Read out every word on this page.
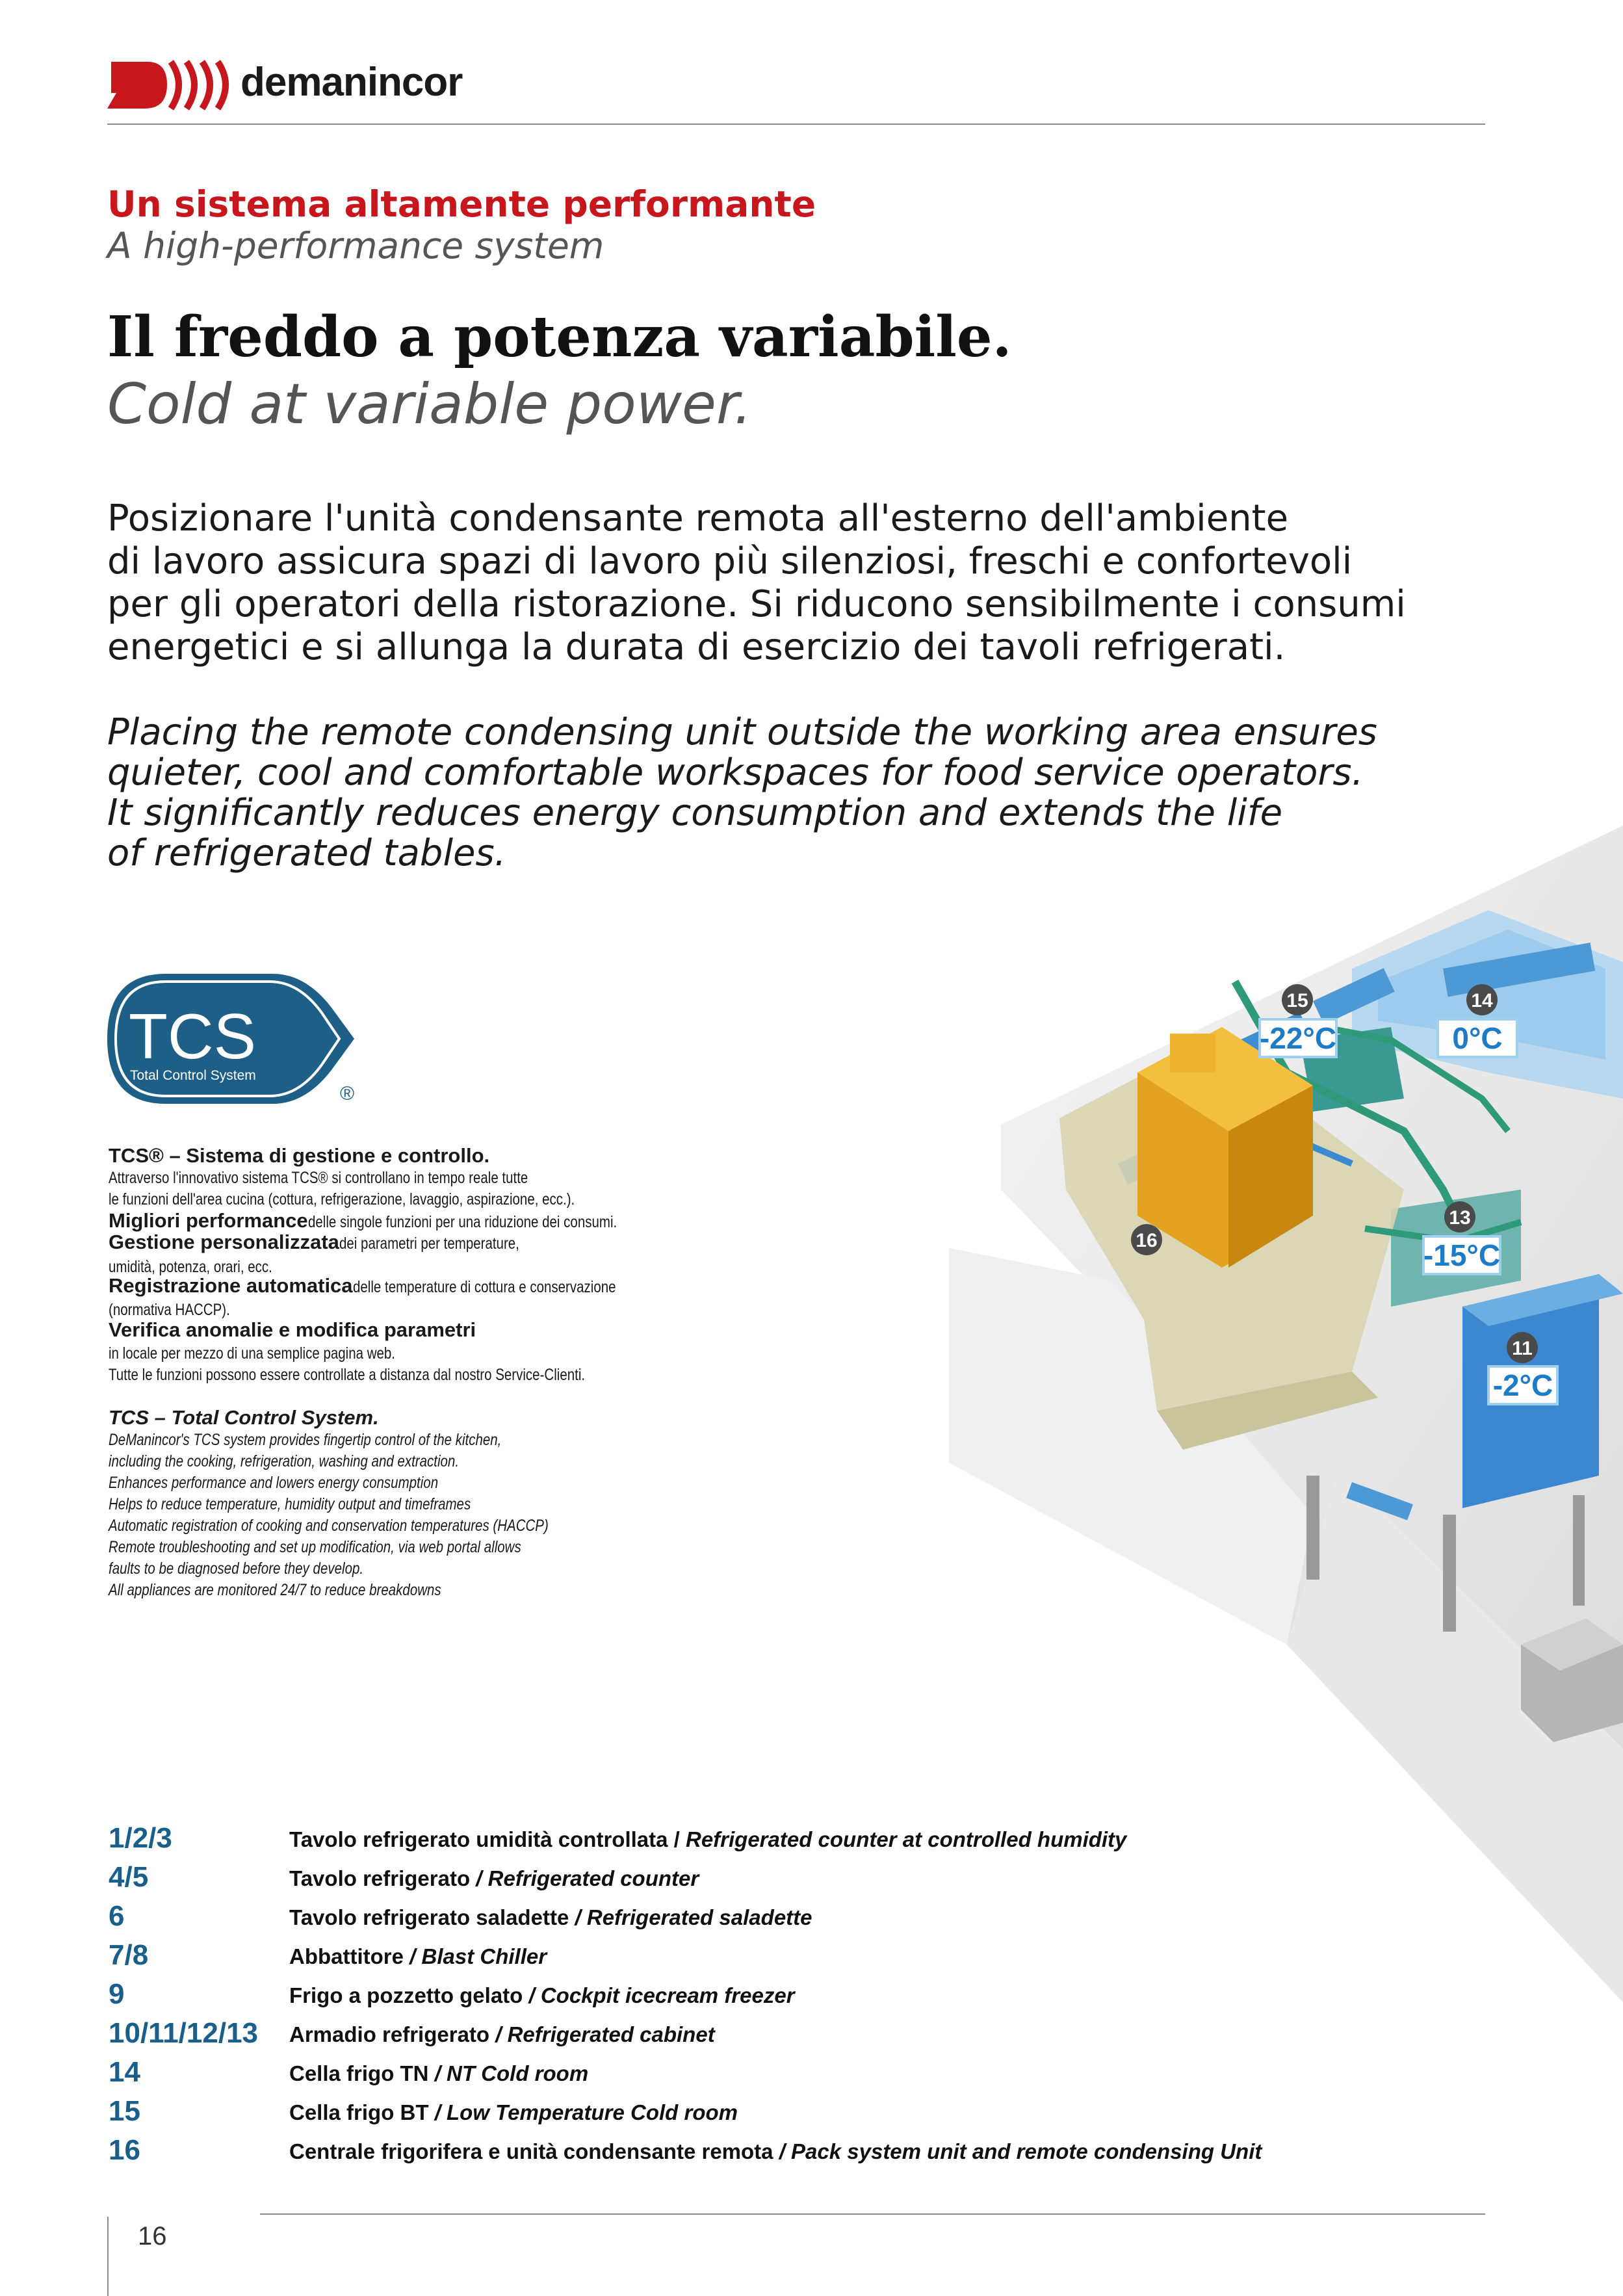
demanincor
Un sistema altamente performante
A high-performance system
Il freddo a potenza variabile.
Cold at variable power.
Posizionare l'unità condensante remota all'esterno dell'ambiente
di lavoro assicura spazi di lavoro più silenziosi, freschi e confortevoli
per gli operatori della ristorazione. Si riducono sensibilmente i consumi
energetici e si allunga la durata di esercizio dei tavoli refrigerati.
Placing the remote condensing unit outside the working area ensures
quieter, cool and comfortable workspaces for food service operators.
It significantly reduces energy consumption and extends the life
of refrigerated tables.
TCS
Total Control System
®
TCS® – Sistema di gestione e controllo.
Attraverso l'innovativo sistema TCS® si controllano in tempo reale tutte
le funzioni dell'area cucina (cottura, refrigerazione, lavaggio, aspirazione, ecc.).
Migliori performancedelle singole funzioni per una riduzione dei consumi.
Gestione personalizzatadei parametri per temperature,
umidità, potenza, orari, ecc.
Registrazione automaticadelle temperature di cottura e conservazione
(normativa HACCP).
Verifica anomalie e modifica parametri
in locale per mezzo di una semplice pagina web.
Tutte le funzioni possono essere controllate a distanza dal nostro Service-Clienti.
TCS – Total Control System.
DeManincor's TCS system provides fingertip control of the kitchen,
including the cooking, refrigeration, washing and extraction.
Enhances performance and lowers energy consumption
Helps to reduce temperature, humidity output and timeframes
Automatic registration of cooking and conservation temperatures (HACCP)
Remote troubleshooting and set up modification, via web portal allows
faults to be diagnosed before they develop.
All appliances are monitored 24/7 to reduce breakdowns
15	14
13
16
11
-22°C	0°C
-15°C
-2°C
1/2/3	Tavolo refrigerato umidità controllata / Refrigerated counter at controlled humidity
4/5	Tavolo refrigerato / Refrigerated counter
6	Tavolo refrigerato saladette / Refrigerated saladette
7/8	Abbattitore / Blast Chiller
9	Frigo a pozzetto gelato / Cockpit icecream freezer
10/11/12/13 Armadio refrigerato / Refrigerated cabinet
14	Cella frigo TN / NT Cold room
15	Cella frigo BT / Low Temperature Cold room
16	Centrale frigorifera e unità condensante remota / Pack system unit and remote condensing Unit
16
